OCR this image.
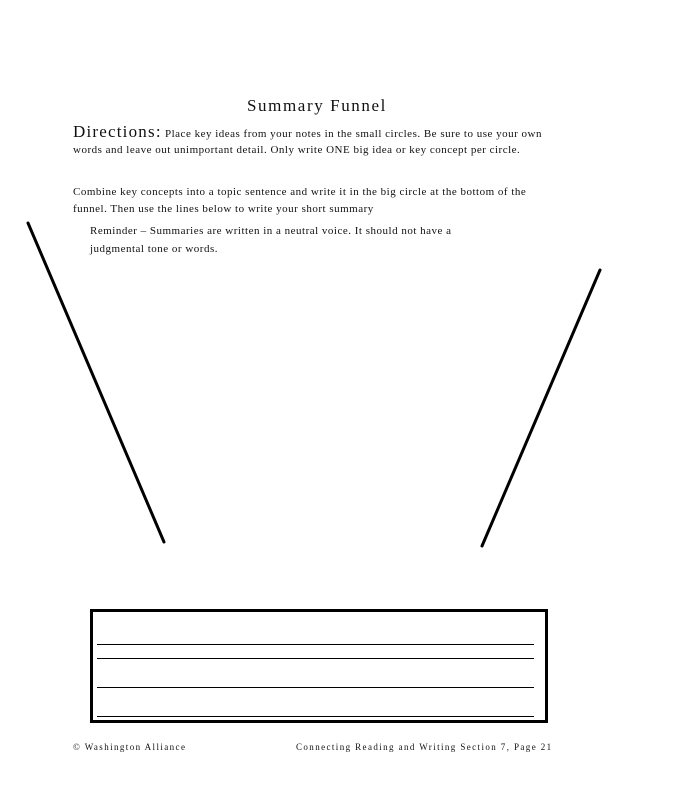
Summary Funnel
Directions: Place key ideas from your notes in the small circles. Be sure to use your own words and leave out unimportant detail. Only write ONE big idea or key concept per circle.
Combine key concepts into a topic sentence and write it in the big circle at the bottom of the funnel. Then use the lines below to write your short summary
Reminder – Summaries are written in a neutral voice. It should not have a judgmental tone or words.
© Washington Alliance	Connecting Reading and Writing Section 7, Page 21
